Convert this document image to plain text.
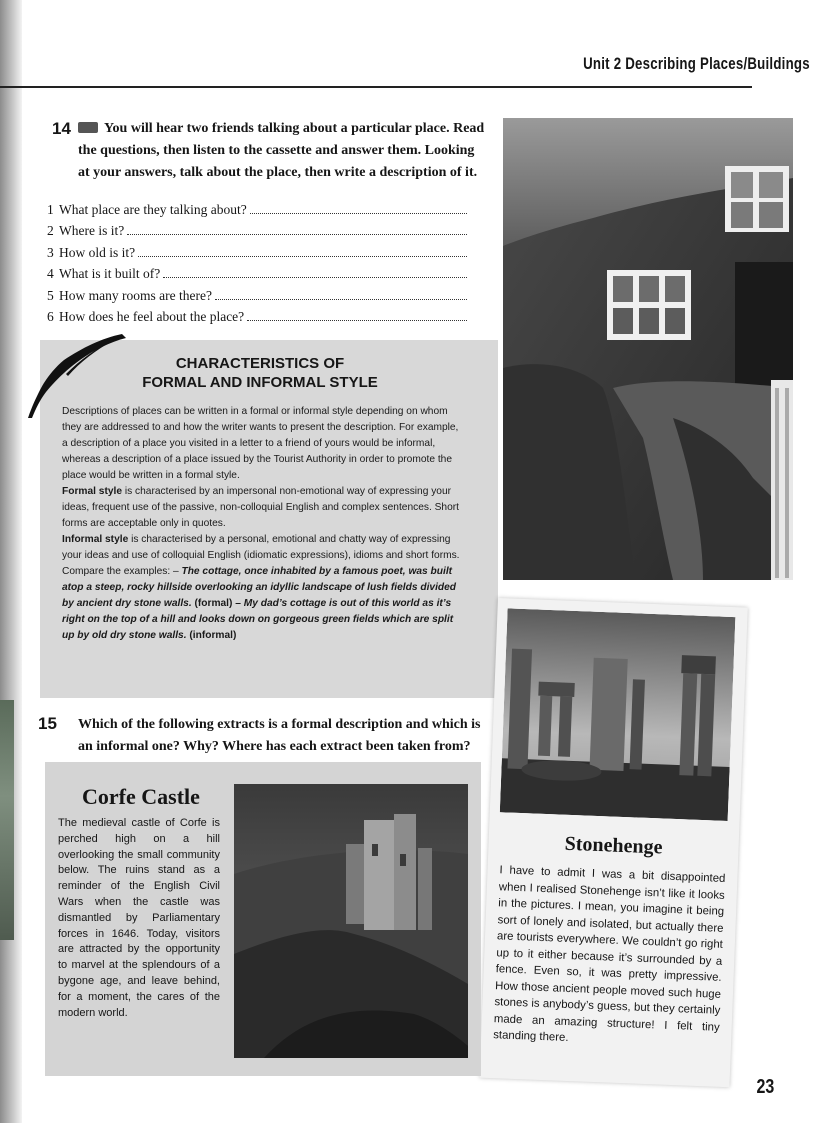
Unit 2 Describing Places/Buildings
14	You will hear two friends talking about a particular place. Read
the questions, then listen to the cassette and answer them. Looking
at your answers, talk about the place, then write a description of it.
1 What place are they talking about?
2 Where is it?
3 How old is it?
4 What is it built of?
5 How many rooms are there?
6 How does he feel about the place?
CHARACTERISTICS OF
FORMAL AND INFORMAL STYLE

Descriptions of places can be written in a formal or informal style depending on whom they are addressed to and how the writer wants to present the description. For example, a description of a place you visited in a letter to a friend of yours would be informal, whereas a description of a place issued by the Tourist Authority in order to promote the place would be written in a formal style.

Formal style is characterised by an impersonal non-emotional way of expressing your ideas, frequent use of the passive, non-colloquial English and complex sentences. Short forms are acceptable only in quotes.

Informal style is characterised by a personal, emotional and chatty way of expressing your ideas and use of colloquial English (idiomatic expressions), idioms and short forms.

Compare the examples: – The cottage, once inhabited by a famous poet, was built atop a steep, rocky hillside overlooking an idyllic landscape of lush fields divided by ancient dry stone walls. (formal) – My dad’s cottage is out of this world as it’s right on the top of a hill and looks down on gorgeous green fields which are split up by old dry stone walls. (informal)

Stonehenge
I have to admit I was a bit disappointed when I realised Stonehenge isn’t like it looks in the pictures. I mean, you imagine it being sort of lonely and isolated, but actually there are tourists everywhere. We couldn’t go right up to it either because it’s surrounded by a fence. Even so, it was pretty impressive. How those ancient people moved such huge stones is anybody’s guess, but they certainly made an amazing structure! I felt tiny standing there.
15 Which of the following extracts is a formal description and which is
an informal one? Why? Where has each extract been taken from?
Corfe Castle
The medieval castle of Corfe is perched high on a hill overlooking the small community below. The ruins stand as a reminder of the English Civil Wars when the castle was dismantled by Parliamentary forces in 1646. Today, visitors are attracted by the opportunity to marvel at the splendours of a bygone age, and leave behind, for a moment, the cares of the modern world.
23
